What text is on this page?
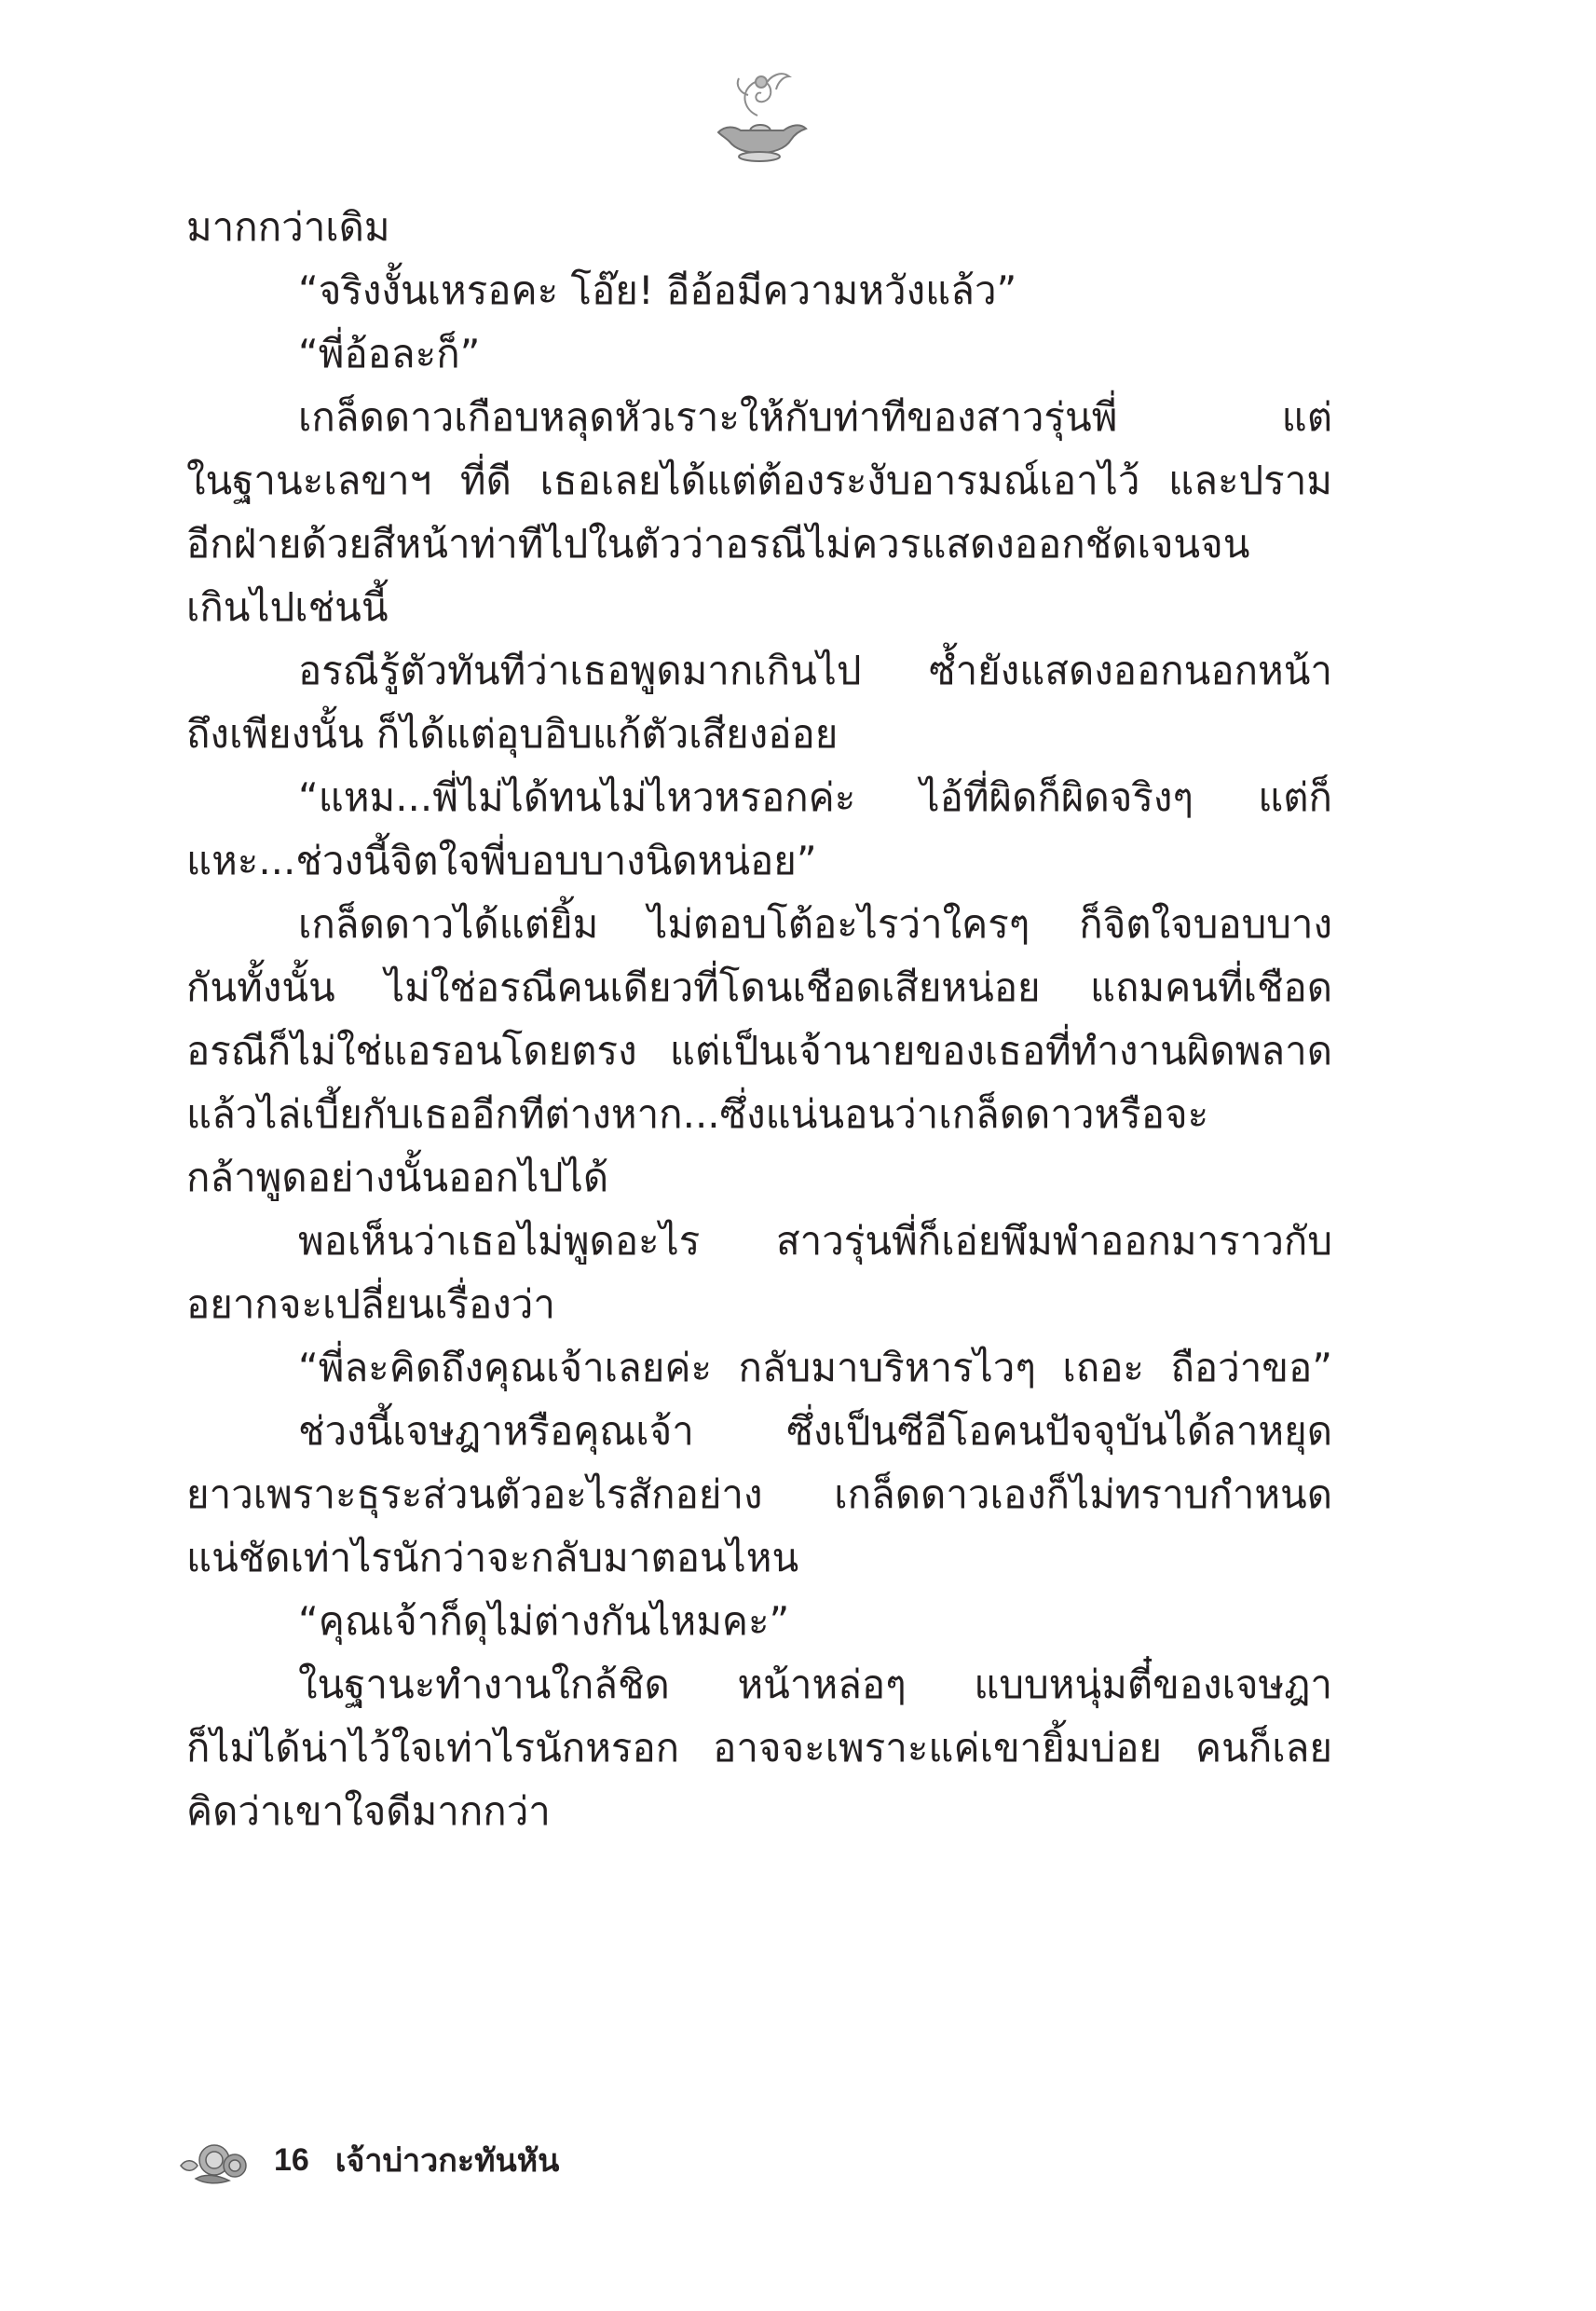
มากกว่าเดิม
“จริงงั้นเหรอคะ โอ๊ย! อีอ้อมีความหวังแล้ว”
“พี่อ้อละก็”
เกล็ดดาวเกือบหลุดหัวเราะให้กับท่าทีของสาวรุ่นพี่ แต่
ในฐานะเลขาฯ ที่ดี เธอเลยได้แต่ต้องระงับอารมณ์เอาไว้ และปราม
อีกฝ่ายด้วยสีหน้าท่าทีไปในตัวว่าอรณีไม่ควรแสดงออกชัดเจนจน
เกินไปเช่นนี้
อรณีรู้ตัวทันทีว่าเธอพูดมากเกินไป ซ้ำยังแสดงออกนอกหน้า
ถึงเพียงนั้น ก็ได้แต่อุบอิบแก้ตัวเสียงอ่อย
“แหม...พี่ไม่ได้ทนไม่ไหวหรอกค่ะ ไอ้ที่ผิดก็ผิดจริงๆ แต่ก็
แหะ...ช่วงนี้จิตใจพี่บอบบางนิดหน่อย”
เกล็ดดาวได้แต่ยิ้ม ไม่ตอบโต้อะไรว่าใครๆ ก็จิตใจบอบบาง
กันทั้งนั้น ไม่ใช่อรณีคนเดียวที่โดนเชือดเสียหน่อย แถมคนที่เชือด
อรณีก็ไม่ใช่แอรอนโดยตรง แต่เป็นเจ้านายของเธอที่ทำงานผิดพลาด
แล้วไล่เบี้ยกับเธออีกทีต่างหาก...ซึ่งแน่นอนว่าเกล็ดดาวหรือจะ
กล้าพูดอย่างนั้นออกไปได้
พอเห็นว่าเธอไม่พูดอะไร สาวรุ่นพี่ก็เอ่ยพึมพำออกมาราวกับ
อยากจะเปลี่ยนเรื่องว่า
“พี่ละคิดถึงคุณเจ้าเลยค่ะ กลับมาบริหารไวๆ เถอะ ถือว่าขอ”
ช่วงนี้เจษฎาหรือคุณเจ้า ซึ่งเป็นซีอีโอคนปัจจุบันได้ลาหยุด
ยาวเพราะธุระส่วนตัวอะไรสักอย่าง เกล็ดดาวเองก็ไม่ทราบกำหนด
แน่ชัดเท่าไรนักว่าจะกลับมาตอนไหน
“คุณเจ้าก็ดุไม่ต่างกันไหมคะ”
ในฐานะทำงานใกล้ชิด หน้าหล่อๆ แบบหนุ่มตี๋ของเจษฎา
ก็ไม่ได้น่าไว้ใจเท่าไรนักหรอก อาจจะเพราะแค่เขายิ้มบ่อย คนก็เลย
คิดว่าเขาใจดีมากกว่า
16 เจ้าบ่าวกะทันหัน
